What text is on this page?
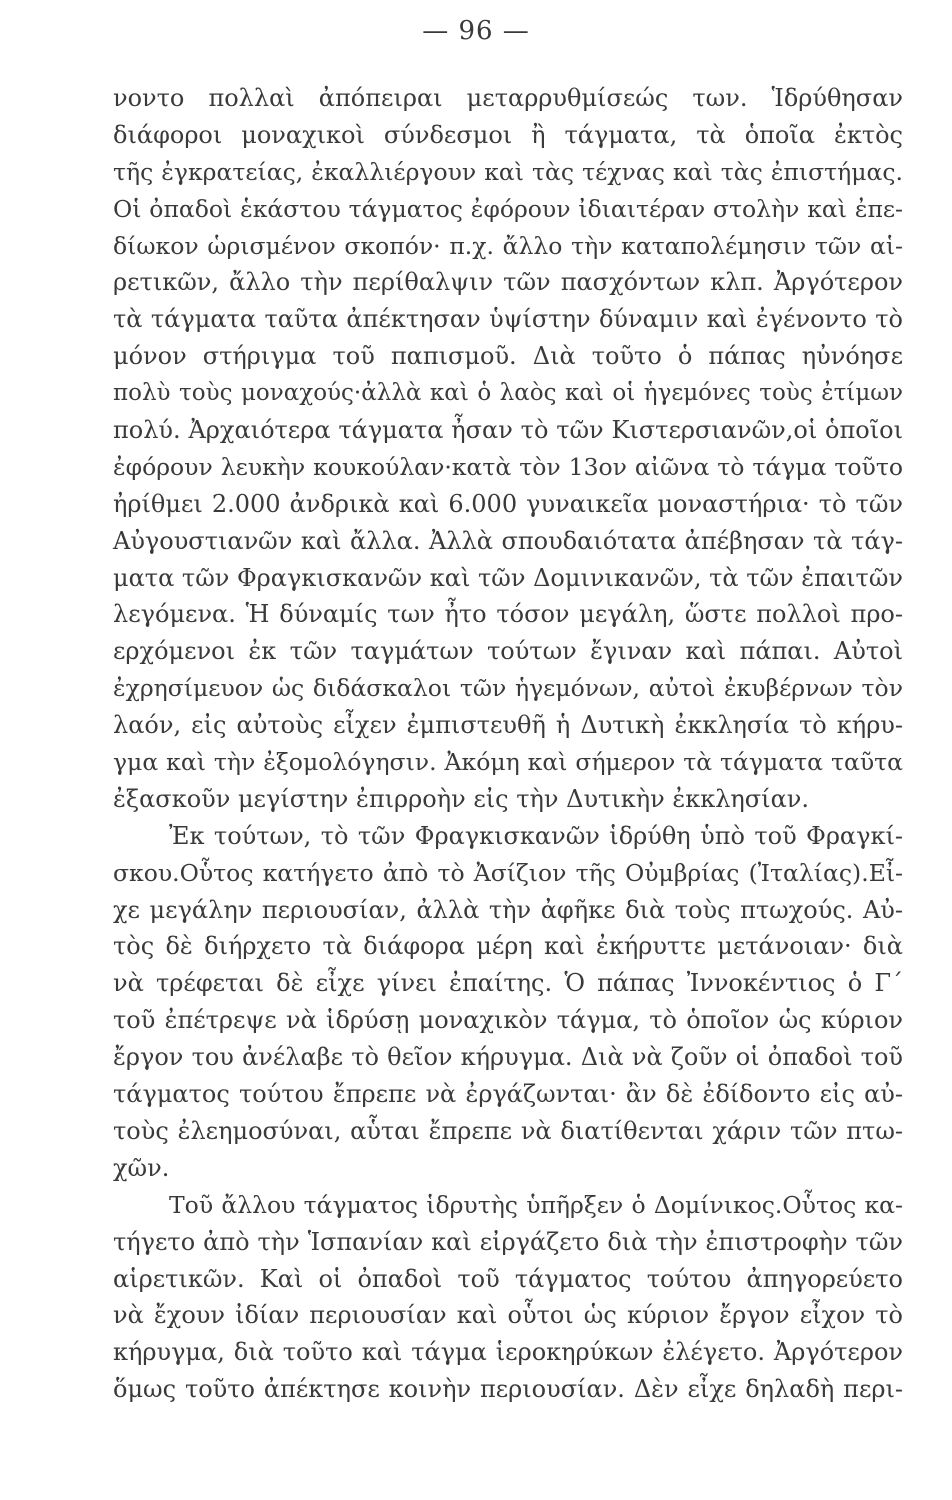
— 96 —
νοντο πολλαὶ ἀπόπειραι μεταρρυθμίσεώς των. Ἱδρύθησαν
διάφοροι μοναχικοὶ σύνδεσμοι ἢ τάγματα, τὰ ὁποῖα ἐκτὸς
τῆς ἐγκρατείας, ἐκαλλιέργουν καὶ τὰς τέχνας καὶ τὰς ἐπιστήμας.
Οἱ ὀπαδοὶ ἑκάστου τάγματος ἐφόρουν ἰδιαιτέραν στολὴν καὶ ἐπε-
δίωκον ὡρισμένον σκοπόν· π.χ. ἄλλο τὴν καταπολέμησιν τῶν αἱ-
ρετικῶν, ἄλλο τὴν περίθαλψιν τῶν πασχόντων κλπ. Ἀργότερον
τὰ τάγματα ταῦτα ἀπέκτησαν ὑψίστην δύναμιν καὶ ἐγένοντο τὸ
μόνον στήριγμα τοῦ παπισμοῦ. Διὰ τοῦτο ὁ πάπας ηὐνόησε
πολὺ τοὺς μοναχούς·ἀλλὰ καὶ ὁ λαὸς καὶ οἱ ἡγεμόνες τοὺς ἐτίμων
πολύ. Ἀρχαιότερα τάγματα ἦσαν τὸ τῶν Κιστερσιανῶν,οἱ ὁποῖοι
ἐφόρουν λευκὴν κουκούλαν·κατὰ τὸν 13ον αἰῶνα τὸ τάγμα τοῦτο
ἠρίθμει 2.000 ἀνδρικὰ καὶ 6.000 γυναικεῖα μοναστήρια· τὸ τῶν
Αὐγουστιανῶν καὶ ἄλλα. Ἀλλὰ σπουδαιότατα ἀπέβησαν τὰ τάγ-
ματα τῶν Φραγκισκανῶν καὶ τῶν Δομινικανῶν, τὰ τῶν ἐπαιτῶν
λεγόμενα. Ἡ δύναμίς των ἦτο τόσον μεγάλη, ὥστε πολλοὶ προ-
ερχόμενοι ἐκ τῶν ταγμάτων τούτων ἔγιναν καὶ πάπαι. Αὐτοὶ
ἐχρησίμευον ὡς διδάσκαλοι τῶν ἡγεμόνων, αὐτοὶ ἐκυβέρνων τὸν
λαόν, εἰς αὐτοὺς εἶχεν ἐμπιστευθῆ ἡ Δυτικὴ ἐκκλησία τὸ κήρυ-
γμα καὶ τὴν ἐξομολόγησιν. Ἀκόμη καὶ σήμερον τὰ τάγματα ταῦτα
ἐξασκοῦν μεγίστην ἐπιρροὴν εἰς τὴν Δυτικὴν ἐκκλησίαν.
Ἐκ τούτων, τὸ τῶν Φραγκισκανῶν ἱδρύθη ὑπὸ τοῦ Φραγκί-
σκου.Οὗτος κατήγετο ἀπὸ τὸ Ἀσίζιον τῆς Οὐμβρίας (Ἰταλίας).Εἶ-
χε μεγάλην περιουσίαν, ἀλλὰ τὴν ἀφῆκε διὰ τοὺς πτωχούς. Αὐ-
τὸς δὲ διήρχετο τὰ διάφορα μέρη καὶ ἐκήρυττε μετάνοιαν· διὰ
νὰ τρέφεται δὲ εἶχε γίνει ἐπαίτης. Ὁ πάπας Ἰννοκέντιος ὁ Γ´
τοῦ ἐπέτρεψε νὰ ἱδρύσῃ μοναχικὸν τάγμα, τὸ ὁποῖον ὡς κύριον
ἔργον του ἀνέλαβε τὸ θεῖον κήρυγμα. Διὰ νὰ ζοῦν οἱ ὀπαδοὶ τοῦ
τάγματος τούτου ἔπρεπε νὰ ἐργάζωνται· ἂν δὲ ἐδίδοντο εἰς αὐ-
τοὺς ἐλεημοσύναι, αὗται ἔπρεπε νὰ διατίθενται χάριν τῶν πτω-
χῶν.
Τοῦ ἄλλου τάγματος ἱδρυτὴς ὑπῆρξεν ὁ Δομίνικος.Οὗτος κα-
τήγετο ἀπὸ τὴν Ἱσπανίαν καὶ εἰργάζετο διὰ τὴν ἐπιστροφὴν τῶν
αἱρετικῶν. Καὶ οἱ ὀπαδοὶ τοῦ τάγματος τούτου ἀπηγορεύετο
νὰ ἔχουν ἰδίαν περιουσίαν καὶ οὗτοι ὡς κύριον ἔργον εἶχον τὸ
κήρυγμα, διὰ τοῦτο καὶ τάγμα ἱεροκηρύκων ἐλέγετο. Ἀργότερον
ὅμως τοῦτο ἀπέκτησε κοινὴν περιουσίαν. Δὲν εἶχε δηλαδὴ περι-
